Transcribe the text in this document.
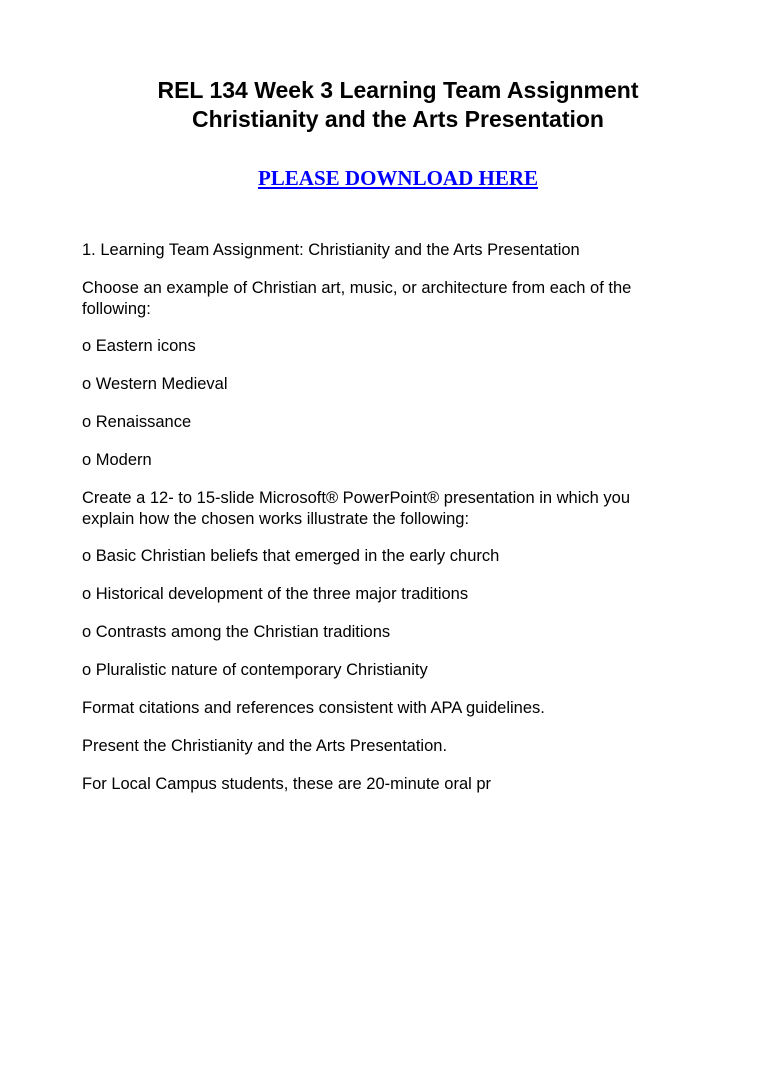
REL 134 Week 3 Learning Team Assignment
Christianity and the Arts Presentation
PLEASE DOWNLOAD HERE
1. Learning Team Assignment: Christianity and the Arts Presentation
Choose an example of Christian art, music, or architecture from each of the following:
o Eastern icons
o Western Medieval
o Renaissance
o Modern
Create a 12- to 15-slide Microsoft® PowerPoint® presentation in which you explain how the chosen works illustrate the following:
o Basic Christian beliefs that emerged in the early church
o Historical development of the three major traditions
o Contrasts among the Christian traditions
o Pluralistic nature of contemporary Christianity
Format citations and references consistent with APA guidelines.
Present the Christianity and the Arts Presentation.
For Local Campus students, these are 20-minute oral pr
